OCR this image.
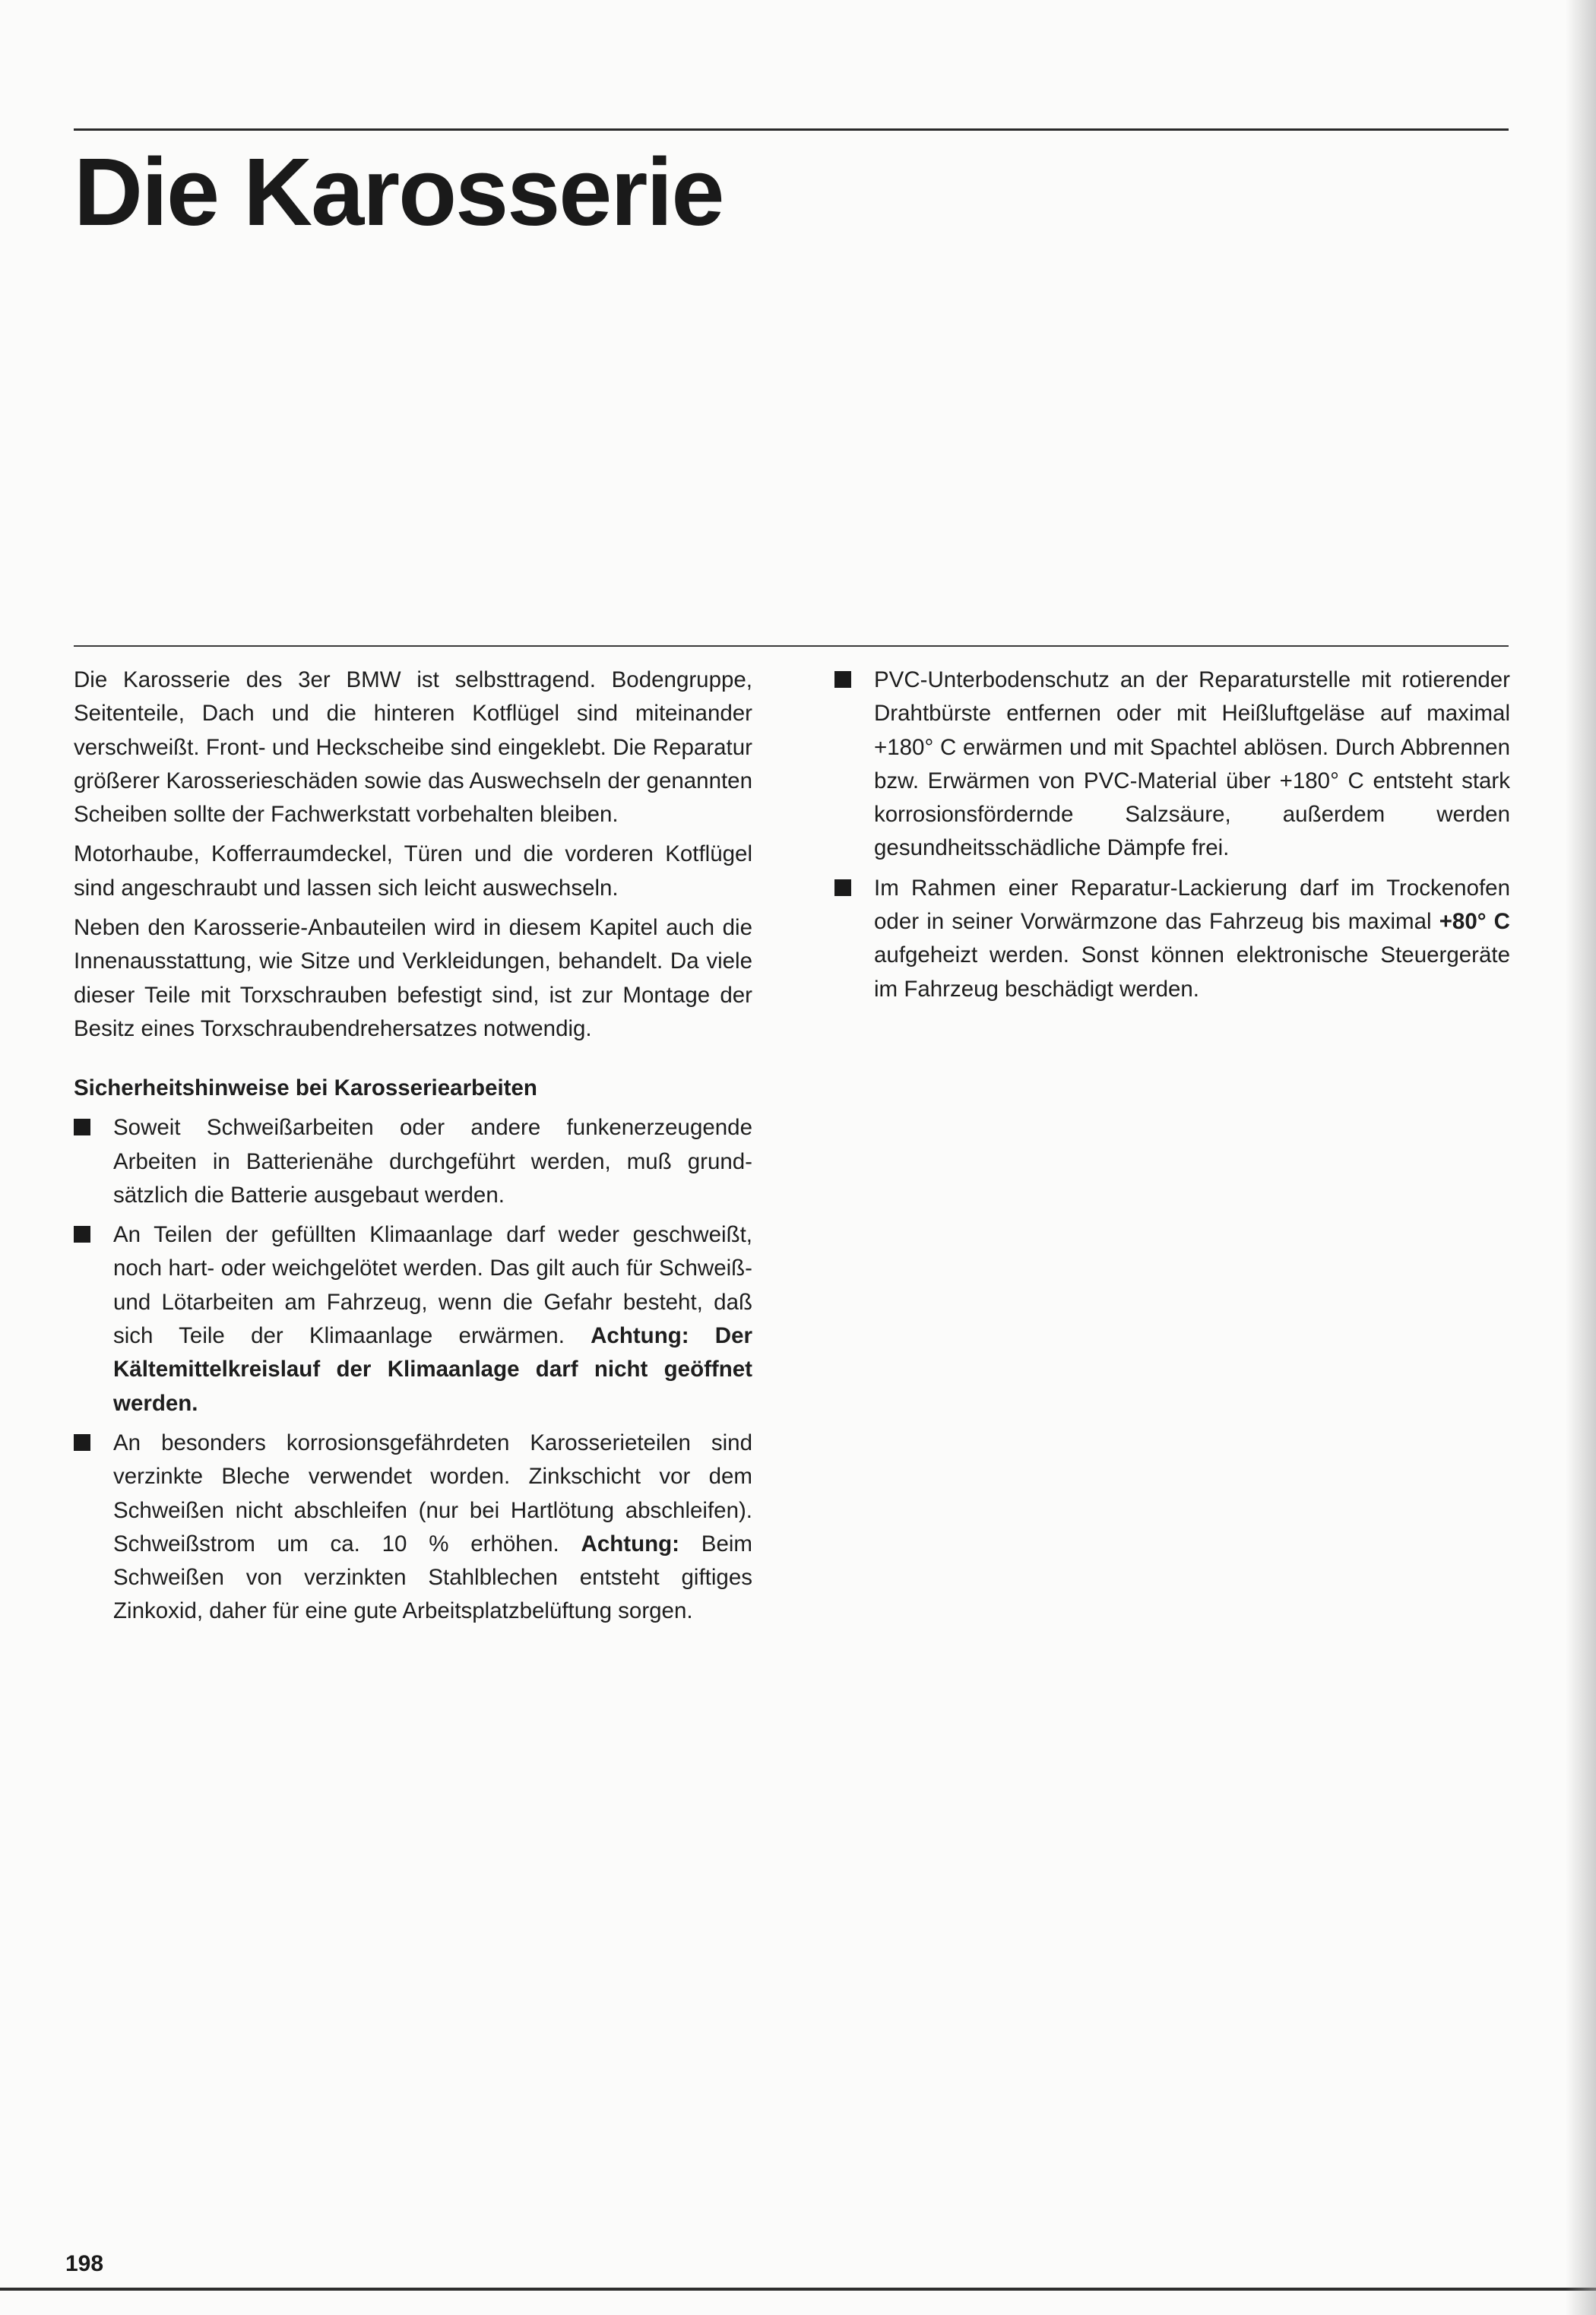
Die Karosserie

Die Karosserie des 3er BMW ist selbsttragend. Bodengruppe, Seitenteile, Dach und die hinteren Kotflügel sind miteinander verschweißt. Front- und Heckscheibe sind eingeklebt. Die Reparatur größerer Karosserieschäden sowie das Auswechseln der genannten Scheiben sollte der Fachwerkstatt vorbehalten bleiben.

Motorhaube, Kofferraumdeckel, Türen und die vorderen Kotflügel sind angeschraubt und lassen sich leicht auswechseln.

Neben den Karosserie-Anbauteilen wird in diesem Kapitel auch die Innenausstattung, wie Sitze und Verkleidungen, behandelt. Da viele dieser Teile mit Torxschrauben befestigt sind, ist zur Montage der Besitz eines Torxschraubendrehersatzes notwendig.

Sicherheitshinweise bei Karosseriearbeiten
Soweit Schweißarbeiten oder andere funkenerzeugende Arbeiten in Batterienähe durchgeführt werden, muß grundsätzlich die Batterie ausgebaut werden.
An Teilen der gefüllten Klimaanlage darf weder geschweißt, noch hart- oder weichgelötet werden. Das gilt auch für Schweiß- und Lötarbeiten am Fahrzeug, wenn die Gefahr besteht, daß sich Teile der Klimaanlage erwärmen. Achtung: Der Kältemittelkreislauf der Klimaanlage darf nicht geöffnet werden.
An besonders korrosionsgefährdeten Karosserieteilen sind verzinkte Bleche verwendet worden. Zinkschicht vor dem Schweißen nicht abschleifen (nur bei Hartlötung abschleifen). Schweißstrom um ca. 10 % erhöhen. Achtung: Beim Schweißen von verzinkten Stahlblechen entsteht giftiges Zinkoxid, daher für eine gute Arbeitsplatzbelüftung sorgen.
PVC-Unterbodenschutz an der Reparaturstelle mit rotierender Drahtbürste entfernen oder mit Heißluftgeläse auf maximal +180° C erwärmen und mit Spachtel ablösen. Durch Abbrennen bzw. Erwärmen von PVC-Material über +180° C entsteht stark korrosionsfördernde Salzsäure, außerdem werden gesundheitsschädliche Dämpfe frei.
Im Rahmen einer Reparatur-Lackierung darf im Trockenofen oder in seiner Vorwärmzone das Fahrzeug bis maximal +80° C aufgeheizt werden. Sonst können elektronische Steuergeräte im Fahrzeug beschädigt werden.
198
